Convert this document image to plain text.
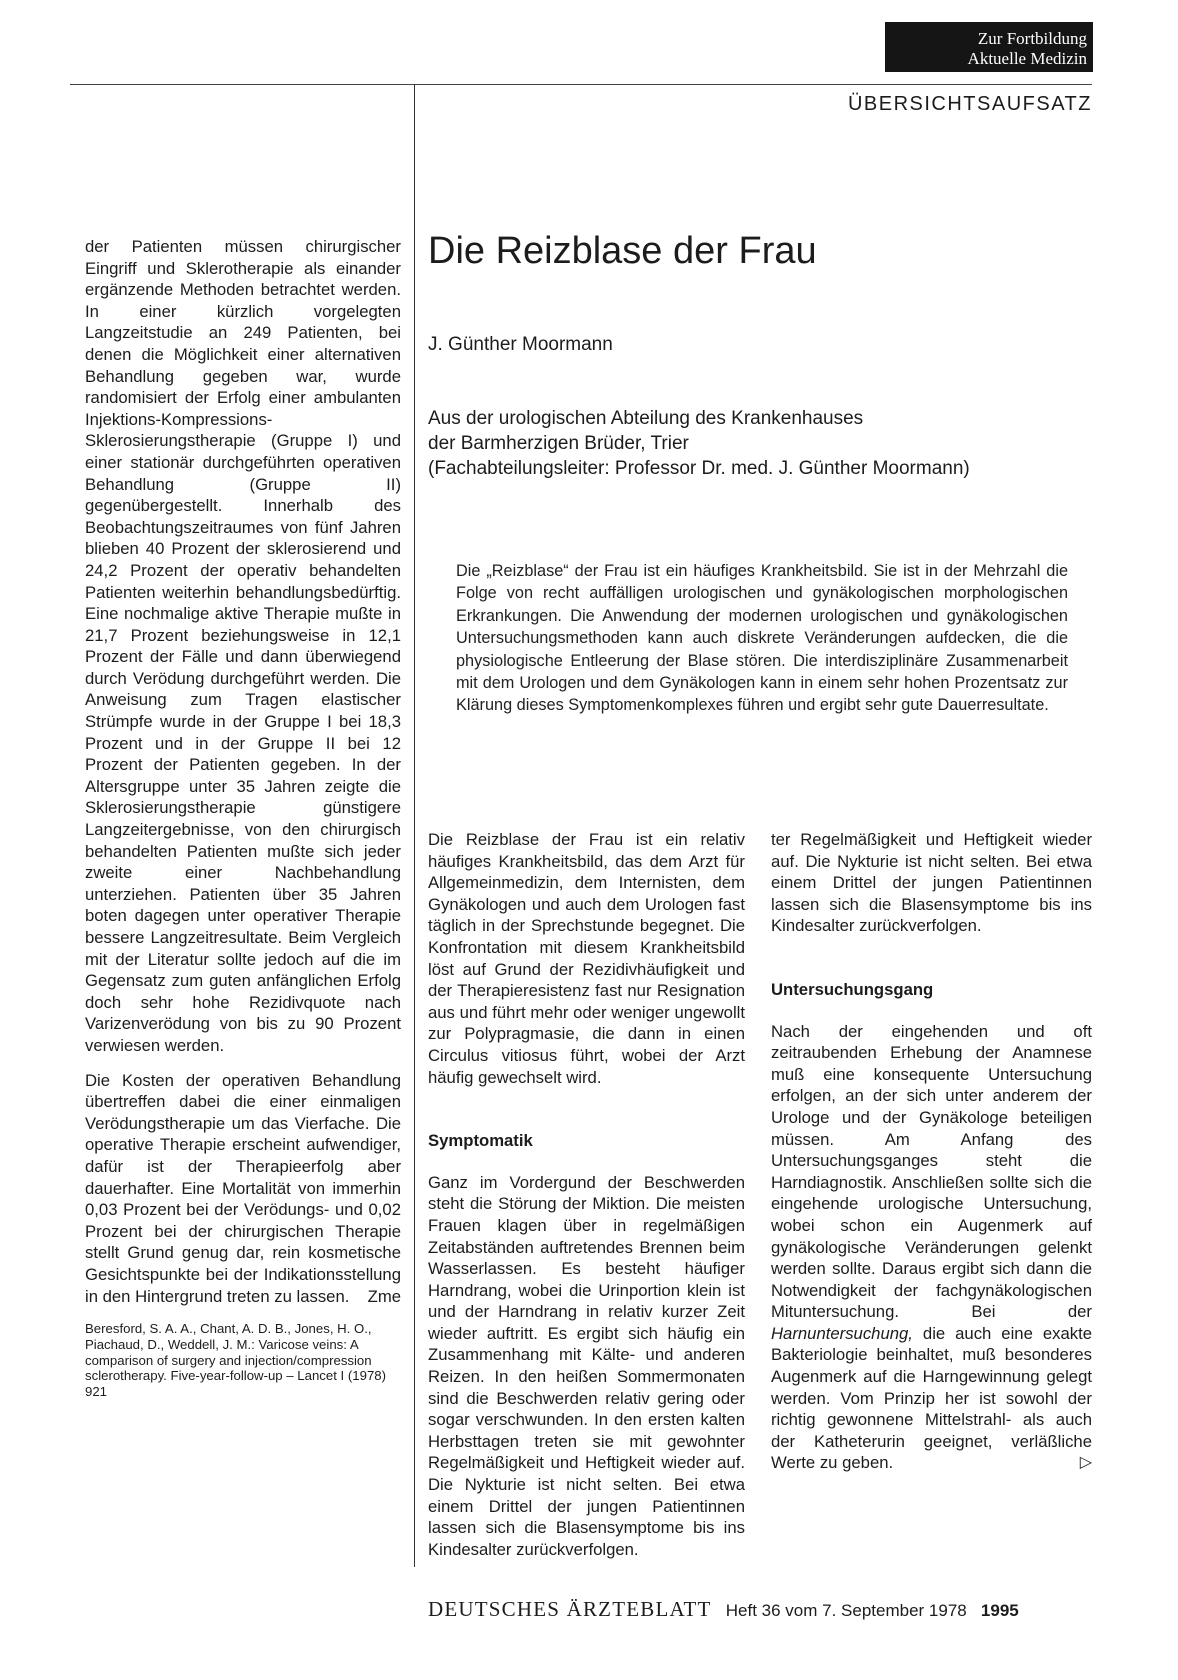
Zur Fortbildung
Aktuelle Medizin
ÜBERSICHTSAUFSATZ
Die Reizblase der Frau
J. Günther Moormann
Aus der urologischen Abteilung des Krankenhauses
der Barmherzigen Brüder, Trier
(Fachabteilungsleiter: Professor Dr. med. J. Günther Moormann)
Die „Reizblase“ der Frau ist ein häufiges Krankheitsbild. Sie ist in der Mehrzahl die Folge von recht auffälligen urologischen und gynäkologischen morphologischen Erkrankungen. Die Anwendung der modernen urologischen und gynäkologischen Untersuchungsmethoden kann auch diskrete Veränderungen aufdecken, die die physiologische Entleerung der Blase stören. Die interdisziplinäre Zusammenarbeit mit dem Urologen und dem Gynäkologen kann in einem sehr hohen Prozentsatz zur Klärung dieses Symptomenkomplexes führen und ergibt sehr gute Dauerresultate.

der Patienten müssen chirurgischer Eingriff und Sklerotherapie als einander ergänzende Methoden betrachtet werden. In einer kürzlich vorgelegten Langzeitstudie an 249 Patienten, bei denen die Möglichkeit einer alternativen Behandlung gegeben war, wurde randomisiert der Erfolg einer ambulanten Injektions-Kompressions-Sklerosierungstherapie (Gruppe I) und einer stationär durchgeführten operativen Behandlung (Gruppe II) gegenübergestellt. Innerhalb des Beobachtungszeitraumes von fünf Jahren blieben 40 Prozent der sklerosierend und 24,2 Prozent der operativ behandelten Patienten weiterhin behandlungsbedürftig. Eine nochmalige aktive Therapie mußte in 21,7 Prozent beziehungsweise in 12,1 Prozent der Fälle und dann überwiegend durch Verödung durchgeführt werden. Die Anweisung zum Tragen elastischer Strümpfe wurde in der Gruppe I bei 18,3 Prozent und in der Gruppe II bei 12 Prozent der Patienten gegeben. In der Altersgruppe unter 35 Jahren zeigte die Sklerosierungstherapie günstigere Langzeitergebnisse, von den chirurgisch behandelten Patienten mußte sich jeder zweite einer Nachbehandlung unterziehen. Patienten über 35 Jahren boten dagegen unter operativer Therapie bessere Langzeitresultate. Beim Vergleich mit der Literatur sollte jedoch auf die im Gegensatz zum guten anfänglichen Erfolg doch sehr hohe Rezidivquote nach Varizenverödung von bis zu 90 Prozent verwiesen werden.

Die Kosten der operativen Behandlung übertreffen dabei die einer einmaligen Verödungstherapie um das Vierfache. Die operative Therapie erscheint aufwendiger, dafür ist der Therapieerfolg aber dauerhafter. Eine Mortalität von immerhin 0,03 Prozent bei der Verödungs- und 0,02 Prozent bei der chirurgischen Therapie stellt Grund genug dar, rein kosmetische Gesichtspunkte bei der Indikationsstellung in den Hintergrund treten zu lassen. Zme

Beresford, S. A. A., Chant, A. D. B., Jones, H. O., Piachaud, D., Weddell, J. M.: Varicose veins: A comparison of surgery and injection/compression sclerotherapy. Five-year-follow-up – Lancet I (1978) 921

Die Reizblase der Frau ist ein relativ häufiges Krankheitsbild, das dem Arzt für Allgemeinmedizin, dem Internisten, dem Gynäkologen und auch dem Urologen fast täglich in der Sprechstunde begegnet. Die Konfrontation mit diesem Krankheitsbild löst auf Grund der Rezidivhäufigkeit und der Therapieresistenz fast nur Resignation aus und führt mehr oder weniger ungewollt zur Polypragmasie, die dann in einen Circulus vitiosus führt, wobei der Arzt häufig gewechselt wird.

Symptomatik

Ganz im Vordergund der Beschwerden steht die Störung der Miktion. Die meisten Frauen klagen über in regelmäßigen Zeitabständen auftretendes Brennen beim Wasserlassen. Es besteht häufiger Harndrang, wobei die Urinportion klein ist und der Harndrang in relativ kurzer Zeit wieder auftritt. Es ergibt sich häufig ein Zusammenhang mit Kälte- und anderen Reizen. In den heißen Sommermonaten sind die Beschwerden relativ gering oder sogar verschwunden. In den ersten kalten Herbsttagen treten sie mit gewohnter Regelmäßigkeit und Heftigkeit wieder auf. Die Nykturie ist nicht selten. Bei etwa einem Drittel der jungen Patientinnen lassen sich die Blasensymptome bis ins Kindesalter zurückverfolgen.

ter Regelmäßigkeit und Heftigkeit wieder auf. Die Nykturie ist nicht selten. Bei etwa einem Drittel der jungen Patientinnen lassen sich die Blasensymptome bis ins Kindesalter zurückverfolgen.

Untersuchungsgang

Nach der eingehenden und oft zeitraubenden Erhebung der Anamnese muß eine konsequente Untersuchung erfolgen, an der sich unter anderem der Urologe und der Gynäkologe beteiligen müssen. Am Anfang des Untersuchungsganges steht die Harndiagnostik. Anschließen sollte sich die eingehende urologische Untersuchung, wobei schon ein Augenmerk auf gynäkologische Veränderungen gelenkt werden sollte. Daraus ergibt sich dann die Notwendigkeit der fachgynäkologischen Mituntersuchung. Bei der Harnuntersuchung, die auch eine exakte Bakteriologie beinhaltet, muß besonderes Augenmerk auf die Harngewinnung gelegt werden. Vom Prinzip her ist sowohl der richtig gewonnene Mittelstrahl- als auch der Katheterurin geeignet, verläßliche Werte zu geben.	▷

DEUTSCHES ÄRZTEBLATT Heft 36 vom 7. September 1978 1995
